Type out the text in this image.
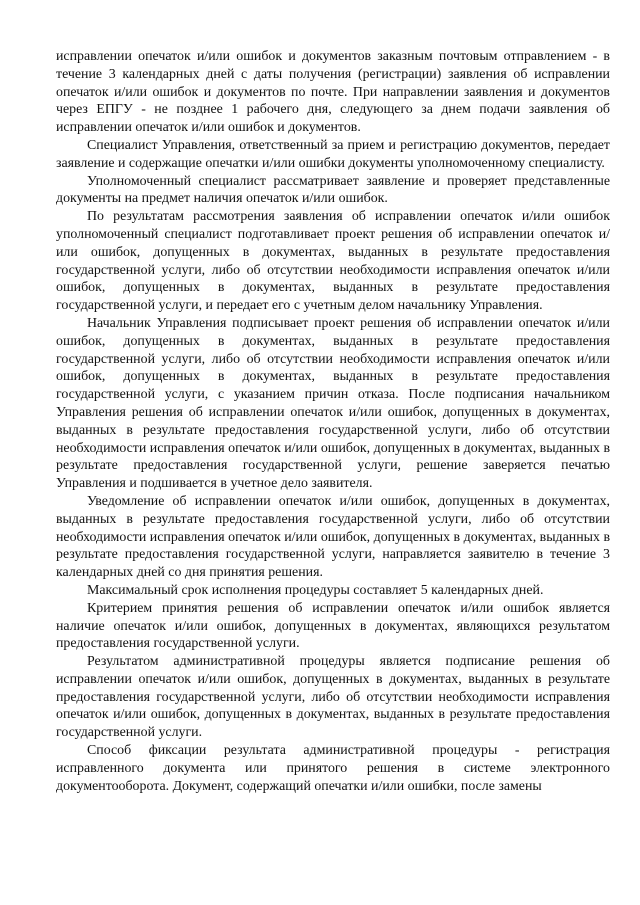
исправлении опечаток и/или ошибок и документов заказным почтовым отправлением - в течение 3 календарных дней с даты получения (регистрации) заявления об исправлении опечаток и/или ошибок и документов по почте. При направлении заявления и документов через ЕПГУ - не позднее 1 рабочего дня, следующего за днем подачи заявления об исправлении опечаток и/или ошибок и документов.

Специалист Управления, ответственный за прием и регистрацию документов, передает заявление и содержащие опечатки и/или ошибки документы уполномоченному специалисту.

Уполномоченный специалист рассматривает заявление и проверяет представленные документы на предмет наличия опечаток и/или ошибок.

По результатам рассмотрения заявления об исправлении опечаток и/или ошибок уполномоченный специалист подготавливает проект решения об исправлении опечаток и/или ошибок, допущенных в документах, выданных в результате предоставления государственной услуги, либо об отсутствии необходимости исправления опечаток и/или ошибок, допущенных в документах, выданных в результате предоставления государственной услуги, и передает его с учетным делом начальнику Управления.

Начальник Управления подписывает проект решения об исправлении опечаток и/или ошибок, допущенных в документах, выданных в результате предоставления государственной услуги, либо об отсутствии необходимости исправления опечаток и/или ошибок, допущенных в документах, выданных в результате предоставления государственной услуги, с указанием причин отказа. После подписания начальником Управления решения об исправлении опечаток и/или ошибок, допущенных в документах, выданных в результате предоставления государственной услуги, либо об отсутствии необходимости исправления опечаток и/или ошибок, допущенных в документах, выданных в результате предоставления государственной услуги, решение заверяется печатью Управления и подшивается в учетное дело заявителя.

Уведомление об исправлении опечаток и/или ошибок, допущенных в документах, выданных в результате предоставления государственной услуги, либо об отсутствии необходимости исправления опечаток и/или ошибок, допущенных в документах, выданных в результате предоставления государственной услуги, направляется заявителю в течение 3 календарных дней со дня принятия решения.

Максимальный срок исполнения процедуры составляет 5 календарных дней.

Критерием принятия решения об исправлении опечаток и/или ошибок является наличие опечаток и/или ошибок, допущенных в документах, являющихся результатом предоставления государственной услуги.

Результатом административной процедуры является подписание решения об исправлении опечаток и/или ошибок, допущенных в документах, выданных в результате предоставления государственной услуги, либо об отсутствии необходимости исправления опечаток и/или ошибок, допущенных в документах, выданных в результате предоставления государственной услуги.

Способ фиксации результата административной процедуры - регистрация исправленного документа или принятого решения в системе электронного документооборота. Документ, содержащий опечатки и/или ошибки, после замены
